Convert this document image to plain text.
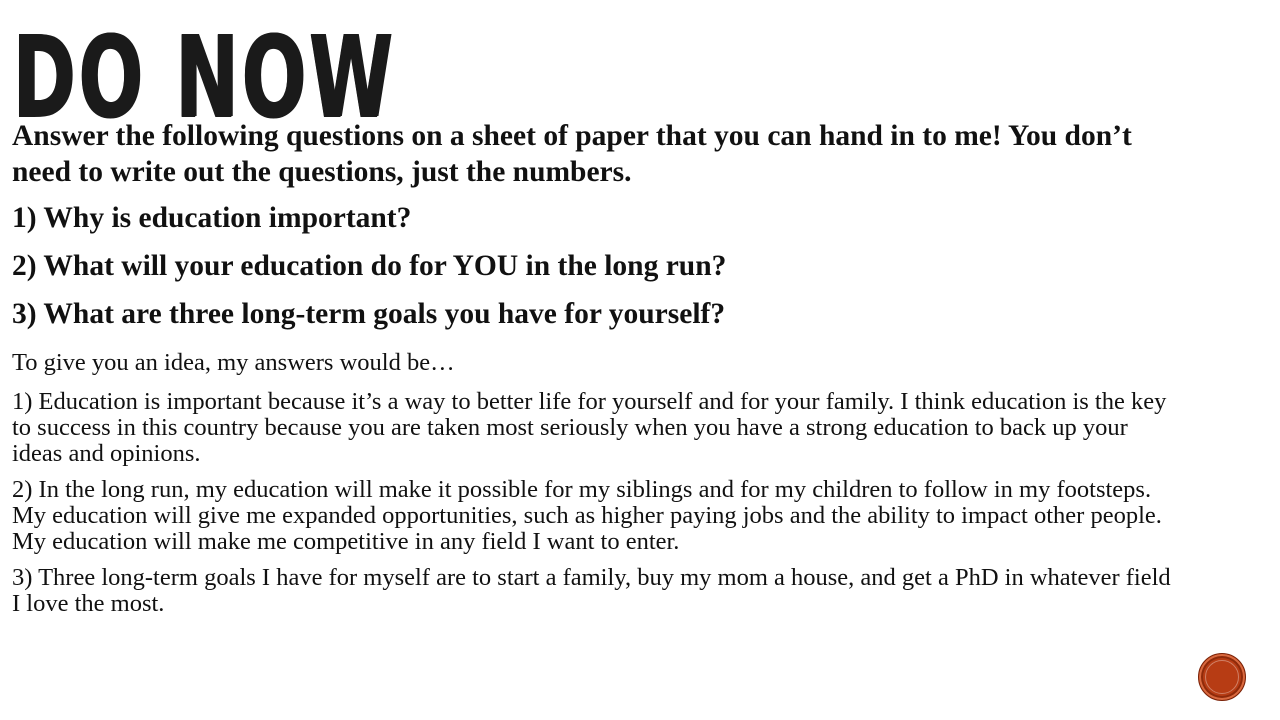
DO NOW

Answer the following questions on a sheet of paper that you can hand in to me! You don’t need to write out the questions, just the numbers.

1) Why is education important?
2) What will your education do for YOU in the long run?
3) What are three long-term goals you have for yourself?

To give you an idea, my answers would be…

1) Education is important because it’s a way to better life for yourself and for your family. I think education is the key to success in this country because you are taken most seriously when you have a strong education to back up your ideas and opinions.
2) In the long run, my education will make it possible for my siblings and for my children to follow in my footsteps. My education will give me expanded opportunities, such as higher paying jobs and the ability to impact other people. My education will make me competitive in any field I want to enter.
3) Three long-term goals I have for myself are to start a family, buy my mom a house, and get a PhD in whatever field I love the most.
